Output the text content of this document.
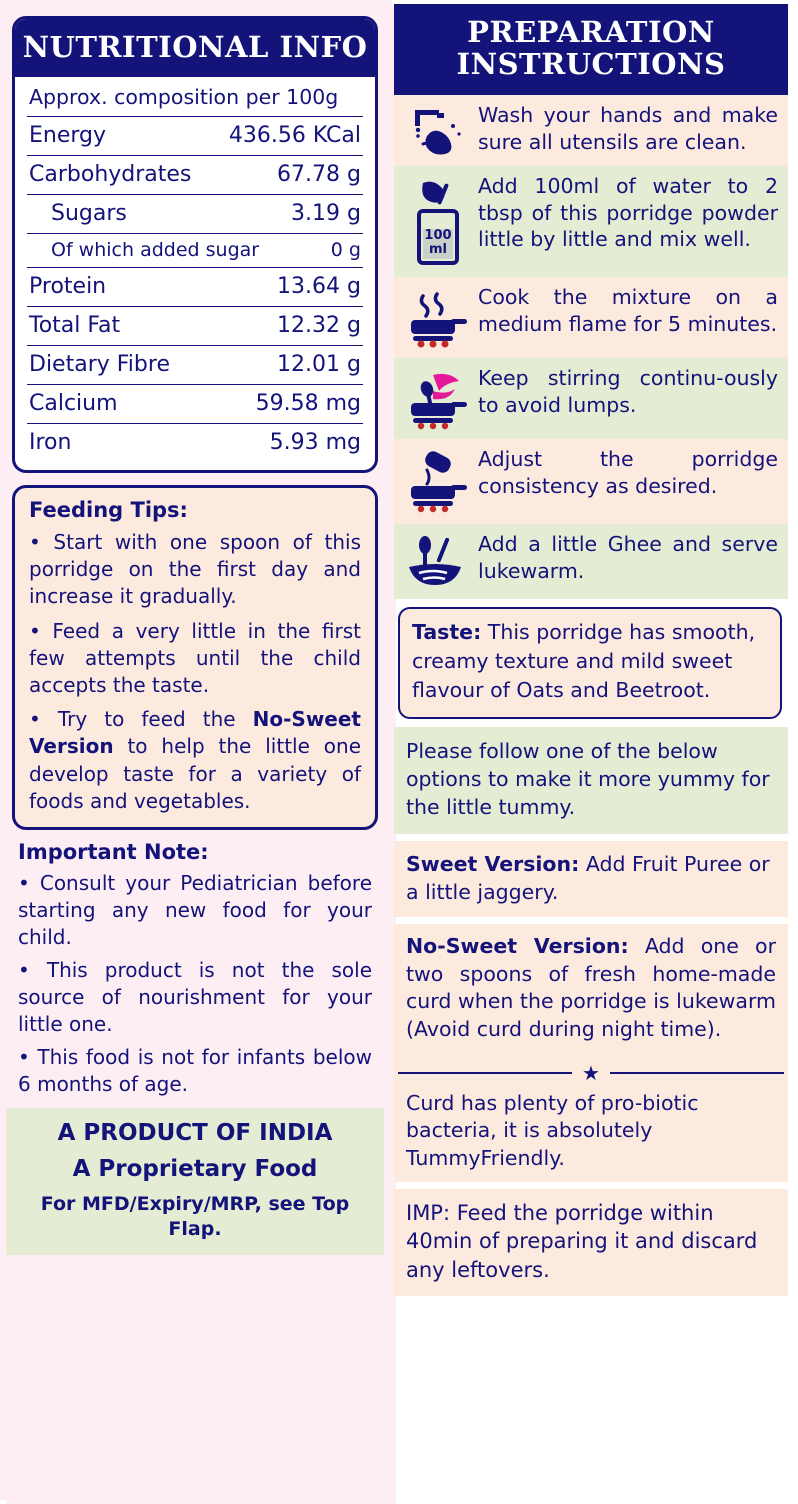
NUTRITIONAL INFO
Approx. composition per 100g
Energy	436.56 KCal
Carbohydrates	67.78 g
Sugars	3.19 g
Of which added sugar	0 g
Protein	13.64 g
Total Fat	12.32 g
Dietary Fibre	12.01 g
Calcium	59.58 mg
Iron	5.93 mg
Feeding Tips:

• Start with one spoon of this porridge on the first day and increase it gradually.

• Feed a very little in the first few attempts until the child accepts the taste.

• Try to feed the No-Sweet Version to help the little one develop taste for a variety of foods and vegetables.

Important Note:

• Consult your Pediatrician before starting any new food for your child.

• This product is not the sole source of nourishment for your little one.

• This food is not for infants below 6 months of age.

A PRODUCT OF INDIA
A Proprietary Food
For MFD/Expiry/MRP, see Top Flap.
PREPARATION
INSTRUCTIONS
Wash your hands and make sure all utensils are clean.
100
ml
Add 100ml of water to 2 tbsp of this porridge powder little by little and mix well.
Cook the mixture on a medium flame for 5 minutes.
Keep stirring continu-ously to avoid lumps.
Adjust the porridge consistency as desired.
Add a little Ghee and serve lukewarm.
Taste: This porridge has smooth, creamy texture and mild sweet flavour of Oats and Beetroot.
Please follow one of the below options to make it more yummy for the little tummy.
Sweet Version: Add Fruit Puree or a little jaggery.
No-Sweet Version: Add one or two spoons of fresh home-made curd when the porridge is lukewarm (Avoid curd during night time).
★
Curd has plenty of pro-biotic bacteria, it is absolutely TummyFriendly.
IMP: Feed the porridge within 40min of preparing it and discard any leftovers.
